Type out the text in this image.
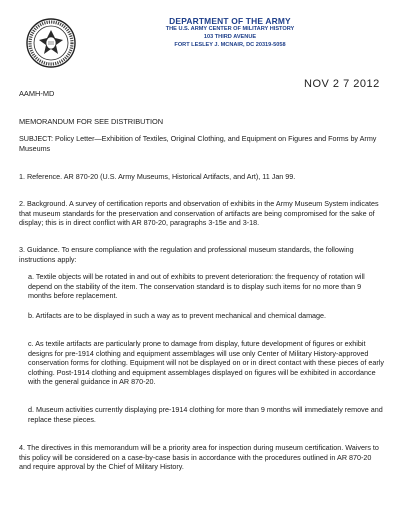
DEPARTMENT OF THE ARMY
THE U.S. ARMY CENTER OF MILITARY HISTORY
103 THIRD AVENUE
FORT LESLEY J. MCNAIR, DC 20319-5058
NOV 2 7 2012
AAMH-MD
MEMORANDUM FOR SEE DISTRIBUTION

SUBJECT: Policy Letter—Exhibition of Textiles, Original Clothing, and Equipment on Figures and Forms by Army Museums

1. Reference. AR 870-20 (U.S. Army Museums, Historical Artifacts, and Art), 11 Jan 99.

2. Background. A survey of certification reports and observation of exhibits in the Army Museum System indicates that museum standards for the preservation and conservation of artifacts are being compromised for the sake of display; this is in direct conflict with AR 870-20, paragraphs 3-15e and 3-18.

3. Guidance. To ensure compliance with the regulation and professional museum standards, the following instructions apply:

a. Textile objects will be rotated in and out of exhibits to prevent deterioration: the frequency of rotation will depend on the stability of the item. The conservation standard is to display such items for no more than 9 months before replacement.

b. Artifacts are to be displayed in such a way as to prevent mechanical and chemical damage.

c. As textile artifacts are particularly prone to damage from display, future development of figures or exhibit designs for pre-1914 clothing and equipment assemblages will use only Center of Military History-approved conservation forms for clothing. Equipment will not be displayed on or in direct contact with these pieces of early clothing. Post-1914 clothing and equipment assemblages displayed on figures will be exhibited in accordance with the general guidance in AR 870-20.

d. Museum activities currently displaying pre-1914 clothing for more than 9 months will immediately remove and replace these pieces.

4. The directives in this memorandum will be a priority area for inspection during museum certification. Waivers to this policy will be considered on a case-by-case basis in accordance with the procedures outlined in AR 870-20 and require approval by the Chief of Military History.
